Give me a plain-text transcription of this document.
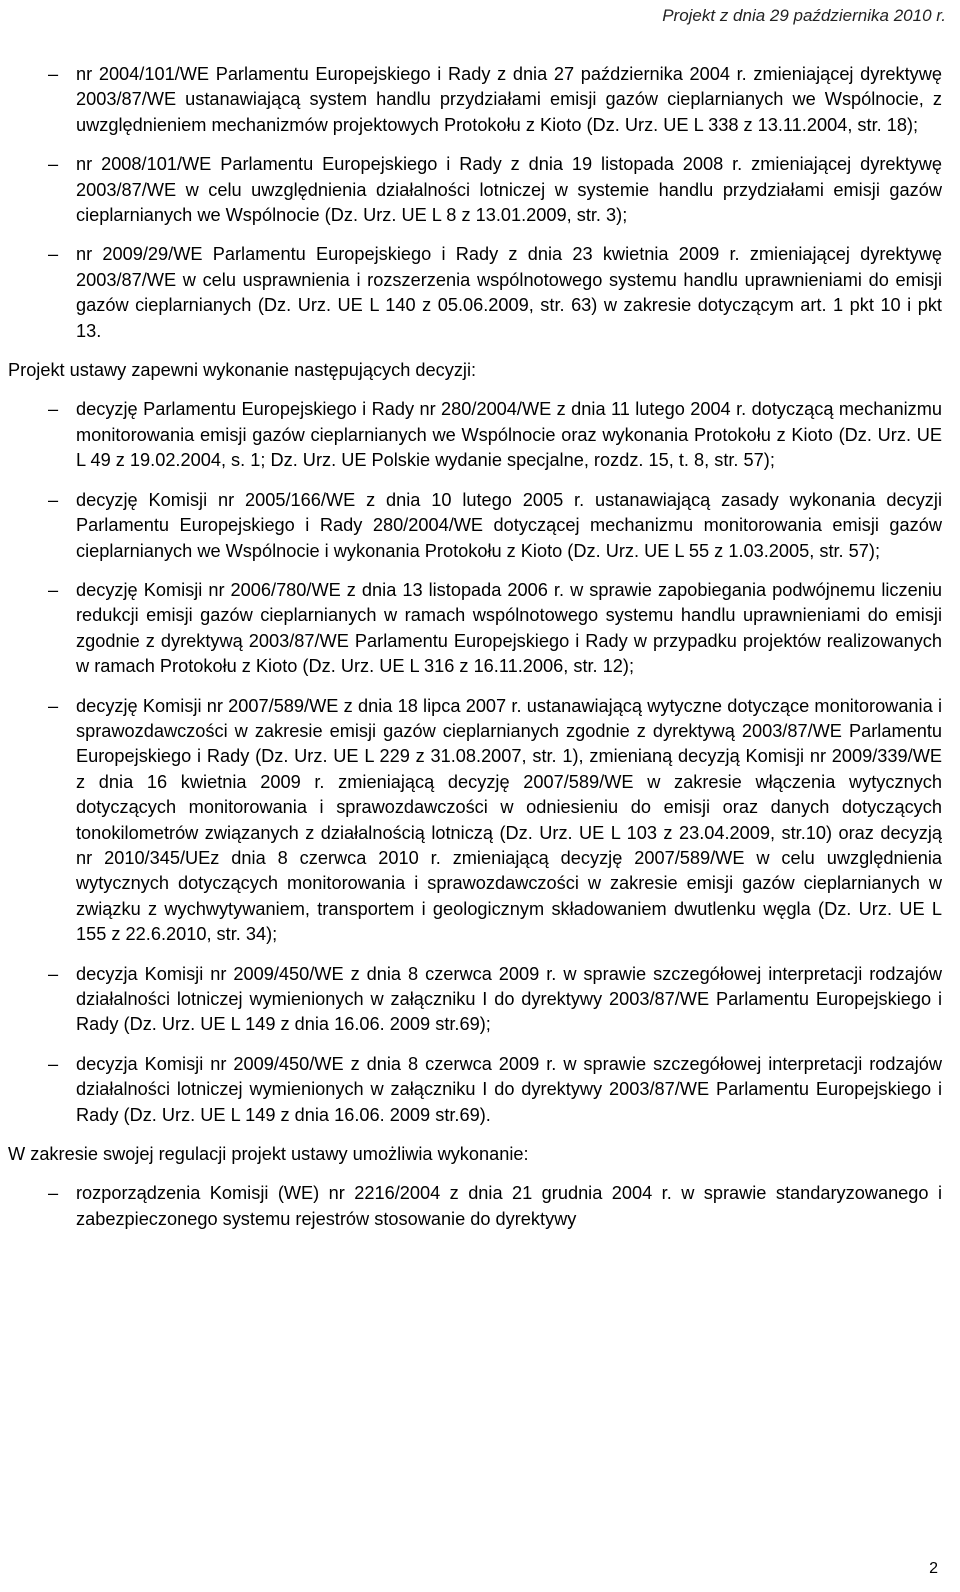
Projekt z dnia 29 października 2010 r.
– nr 2004/101/WE Parlamentu Europejskiego i Rady z dnia 27 października 2004 r. zmieniającej dyrektywę 2003/87/WE ustanawiającą system handlu przydziałami emisji gazów cieplarnianych we Wspólnocie, z uwzględnieniem mechanizmów projektowych Protokołu z Kioto (Dz. Urz. UE L 338 z 13.11.2004, str. 18);
– nr 2008/101/WE Parlamentu Europejskiego i Rady z dnia 19 listopada 2008 r. zmieniającej dyrektywę 2003/87/WE w celu uwzględnienia działalności lotniczej w systemie handlu przydziałami emisji gazów cieplarnianych we Wspólnocie (Dz. Urz. UE L 8 z 13.01.2009, str. 3);
– nr 2009/29/WE Parlamentu Europejskiego i Rady z dnia 23 kwietnia 2009 r. zmieniającej dyrektywę 2003/87/WE w celu usprawnienia i rozszerzenia wspólnotowego systemu handlu uprawnieniami do emisji gazów cieplarnianych (Dz. Urz. UE L 140 z 05.06.2009, str. 63) w zakresie dotyczącym art. 1 pkt 10 i pkt 13.

Projekt ustawy zapewni wykonanie następujących decyzji:

– decyzję Parlamentu Europejskiego i Rady nr 280/2004/WE z dnia 11 lutego 2004 r. dotyczącą mechanizmu monitorowania emisji gazów cieplarnianych we Wspólnocie oraz wykonania Protokołu z Kioto (Dz. Urz. UE L 49 z 19.02.2004, s. 1; Dz. Urz. UE Polskie wydanie specjalne, rozdz. 15, t. 8, str. 57);
– decyzję Komisji nr 2005/166/WE z dnia 10 lutego 2005 r. ustanawiającą zasady wykonania decyzji Parlamentu Europejskiego i Rady 280/2004/WE dotyczącej mechanizmu monitorowania emisji gazów cieplarnianych we Wspólnocie i wykonania Protokołu z Kioto (Dz. Urz. UE L 55 z 1.03.2005, str. 57);
– decyzję Komisji nr 2006/780/WE z dnia 13 listopada 2006 r. w sprawie zapobiegania podwójnemu liczeniu redukcji emisji gazów cieplarnianych w ramach wspólnotowego systemu handlu uprawnieniami do emisji zgodnie z dyrektywą 2003/87/WE Parlamentu Europejskiego i Rady w przypadku projektów realizowanych w ramach Protokołu z Kioto (Dz. Urz. UE L 316 z 16.11.2006, str. 12);
– decyzję Komisji nr 2007/589/WE z dnia 18 lipca 2007 r. ustanawiającą wytyczne dotyczące monitorowania i sprawozdawczości w zakresie emisji gazów cieplarnianych zgodnie z dyrektywą 2003/87/WE Parlamentu Europejskiego i Rady (Dz. Urz. UE L 229 z 31.08.2007, str. 1), zmienianą decyzją Komisji nr 2009/339/WE z dnia 16 kwietnia 2009 r. zmieniającą decyzję 2007/589/WE w zakresie włączenia wytycznych dotyczących monitorowania i sprawozdawczości w odniesieniu do emisji oraz danych dotyczących tonokilometrów związanych z działalnością lotniczą (Dz. Urz. UE L 103 z 23.04.2009, str.10) oraz decyzją nr 2010/345/UEz dnia 8 czerwca 2010 r. zmieniającą decyzję 2007/589/WE w celu uwzględnienia wytycznych dotyczących monitorowania i sprawozdawczości w zakresie emisji gazów cieplarnianych w związku z wychwytywaniem, transportem i geologicznym składowaniem dwutlenku węgla (Dz. Urz. UE L 155 z 22.6.2010, str. 34);
– decyzja Komisji nr 2009/450/WE z dnia 8 czerwca 2009 r. w sprawie szczegółowej interpretacji rodzajów działalności lotniczej wymienionych w załączniku I do dyrektywy 2003/87/WE Parlamentu Europejskiego i Rady (Dz. Urz. UE L 149 z dnia 16.06. 2009 str.69);
– decyzja Komisji nr 2009/450/WE z dnia 8 czerwca 2009 r. w sprawie szczegółowej interpretacji rodzajów działalności lotniczej wymienionych w załączniku I do dyrektywy 2003/87/WE Parlamentu Europejskiego i Rady (Dz. Urz. UE L 149 z dnia 16.06. 2009 str.69).

W zakresie swojej regulacji projekt ustawy umożliwia wykonanie:

– rozporządzenia Komisji (WE) nr 2216/2004 z dnia 21 grudnia 2004 r. w sprawie standaryzowanego i zabezpieczonego systemu rejestrów stosowanie do dyrektywy
2
